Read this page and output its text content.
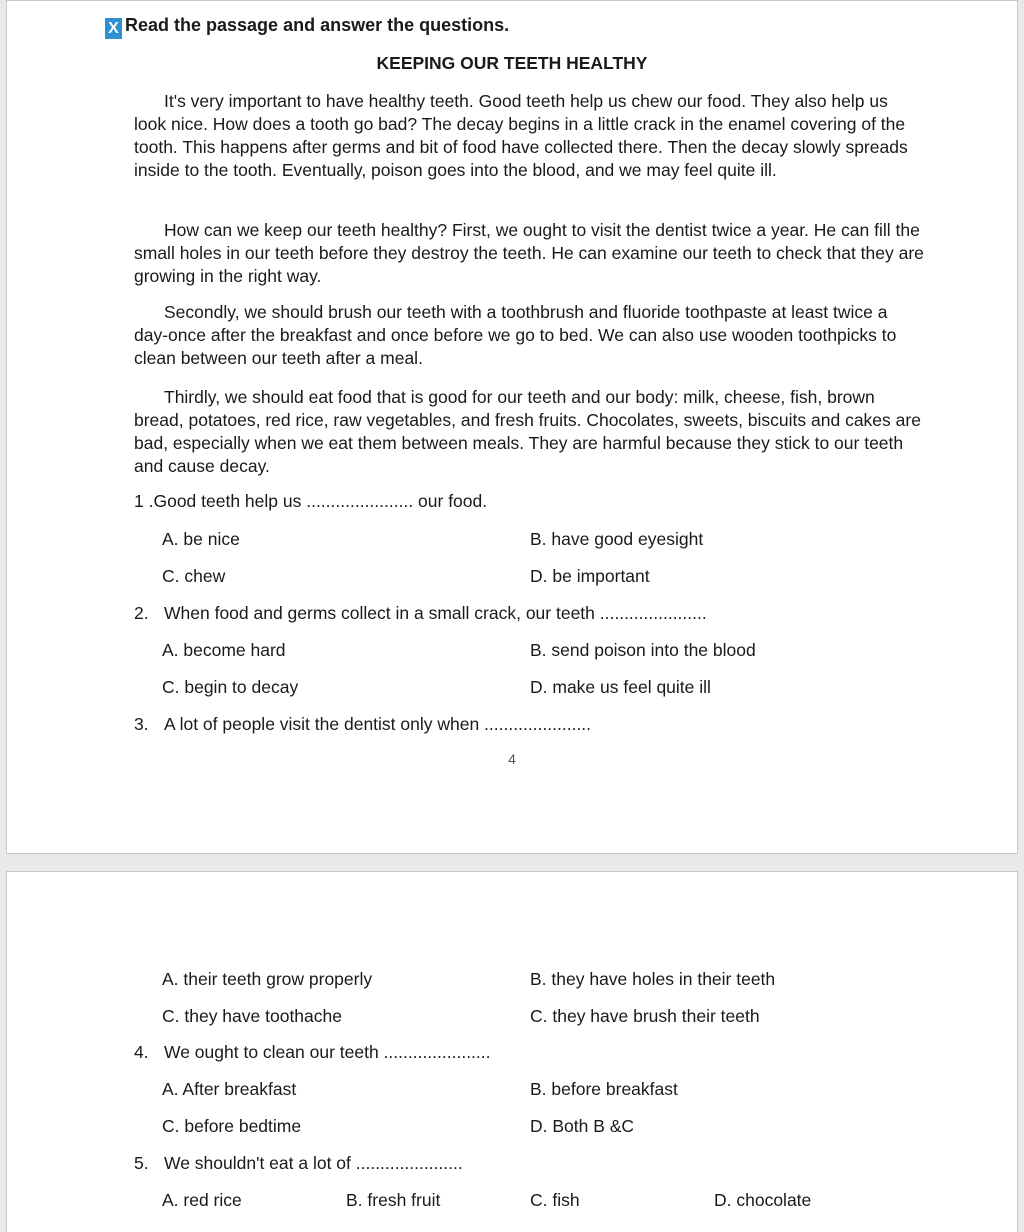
X Read the passage and answer the questions.
KEEPING OUR TEETH HEALTHY
It's very important to have healthy teeth. Good teeth help us chew our food. They also help us look nice. How does a tooth go bad? The decay begins in a little crack in the enamel covering of the tooth. This happens after germs and bit of food have collected there. Then the decay slowly spreads inside to the tooth. Eventually, poison goes into the blood, and we may feel quite ill.
How can we keep our teeth healthy? First, we ought to visit the dentist twice a year. He can fill the small holes in our teeth before they destroy the teeth. He can examine our teeth to check that they are growing in the right way.
Secondly, we should brush our teeth with a toothbrush and fluoride toothpaste at least twice a day-once after the breakfast and once before we go to bed. We can also use wooden toothpicks to clean between our teeth after a meal.
Thirdly, we should eat food that is good for our teeth and our body: milk, cheese, fish, brown bread, potatoes, red rice, raw vegetables, and fresh fruits. Chocolates, sweets, biscuits and cakes are bad, especially when we eat them between meals. They are harmful because they stick to our teeth and cause decay.
1 .Good teeth help us ...................... our food.
A. be nice	B. have good eyesight
C. chew	D. be important
2. When food and germs collect in a small crack, our teeth ......................
A. become hard	B. send poison into the blood
C. begin to decay	D. make us feel quite ill
3. A lot of people visit the dentist only when ......................
4
A. their teeth grow properly	B. they have holes in their teeth
C. they have toothache	C. they have brush their teeth
4. We ought to clean our teeth ......................
A. After breakfast	B. before breakfast
C. before bedtime	D. Both B &C
5. We shouldn't eat a lot of ......................
A. red rice	B. fresh fruit	C. fish	D. chocolate
